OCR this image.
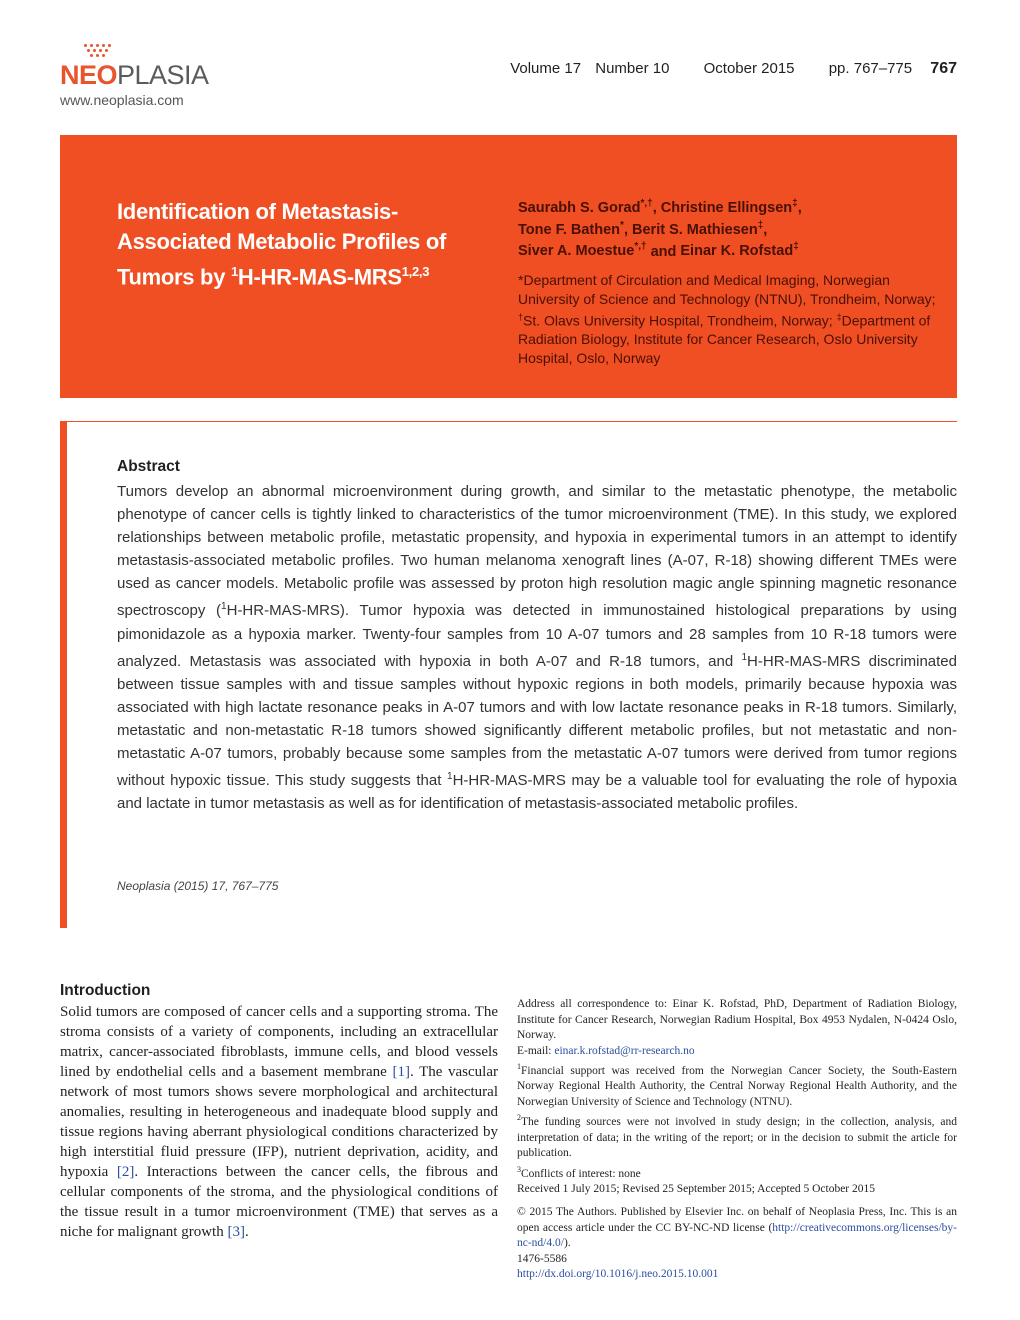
NEOPLASIA
www.neoplasia.com
Volume 17 Number 10 October 2015 pp. 767–775 767
Identification of Metastasis-Associated Metabolic Profiles of Tumors by $^1$H-HR-MAS-MRS$^{1,2,3}$
Saurabh S. Gorad*,†, Christine Ellingsen‡,
Tone F. Bathen*, Berit S. Mathiesen‡,
Siver A. Moestue*,† and Einar K. Rofstad‡
*Department of Circulation and Medical Imaging, Norwegian University of Science and Technology (NTNU), Trondheim, Norway; †St. Olavs University Hospital, Trondheim, Norway; ‡Department of Radiation Biology, Institute for Cancer Research, Oslo University Hospital, Oslo, Norway
Abstract
Tumors develop an abnormal microenvironment during growth, and similar to the metastatic phenotype, the metabolic phenotype of cancer cells is tightly linked to characteristics of the tumor microenvironment (TME). In this study, we explored relationships between metabolic profile, metastatic propensity, and hypoxia in experimental tumors in an attempt to identify metastasis-associated metabolic profiles. Two human melanoma xenograft lines (A-07, R-18) showing different TMEs were used as cancer models. Metabolic profile was assessed by proton high resolution magic angle spinning magnetic resonance spectroscopy ($^1$H-HR-MAS-MRS). Tumor hypoxia was detected in immunostained histological preparations by using pimonidazole as a hypoxia marker. Twenty-four samples from 10 A-07 tumors and 28 samples from 10 R-18 tumors were analyzed. Metastasis was associated with hypoxia in both A-07 and R-18 tumors, and $^1$H-HR-MAS-MRS discriminated between tissue samples with and tissue samples without hypoxic regions in both models, primarily because hypoxia was associated with high lactate resonance peaks in A-07 tumors and with low lactate resonance peaks in R-18 tumors. Similarly, metastatic and non-metastatic R-18 tumors showed significantly different metabolic profiles, but not metastatic and non-metastatic A-07 tumors, probably because some samples from the metastatic A-07 tumors were derived from tumor regions without hypoxic tissue. This study suggests that $^1$H-HR-MAS-MRS may be a valuable tool for evaluating the role of hypoxia and lactate in tumor metastasis as well as for identification of metastasis-associated metabolic profiles.
Neoplasia (2015) 17, 767–775
Introduction
Solid tumors are composed of cancer cells and a supporting stroma. The stroma consists of a variety of components, including an extracellular matrix, cancer-associated fibroblasts, immune cells, and blood vessels lined by endothelial cells and a basement membrane [1]. The vascular network of most tumors shows severe morphological and architectural anomalies, resulting in heterogeneous and inadequate blood supply and tissue regions having aberrant physiological conditions characterized by high interstitial fluid pressure (IFP), nutrient deprivation, acidity, and hypoxia [2]. Interactions between the cancer cells, the fibrous and cellular components of the stroma, and the physiological conditions of the tissue result in a tumor microenvironment (TME) that serves as a niche for malignant growth [3].

Address all correspondence to: Einar K. Rofstad, PhD, Department of Radiation Biology, Institute for Cancer Research, Norwegian Radium Hospital, Box 4953 Nydalen, N-0424 Oslo, Norway.

E-mail: einar.k.rofstad@rr-research.no

$^1$Financial support was received from the Norwegian Cancer Society, the South-Eastern Norway Regional Health Authority, the Central Norway Regional Health Authority, and the Norwegian University of Science and Technology (NTNU).

$^2$The funding sources were not involved in study design; in the collection, analysis, and interpretation of data; in the writing of the report; or in the decision to submit the article for publication.

$^3$Conflicts of interest: none

Received 1 July 2015; Revised 25 September 2015; Accepted 5 October 2015

© 2015 The Authors. Published by Elsevier Inc. on behalf of Neoplasia Press, Inc. This is an open access article under the CC BY-NC-ND license (http://creativecommons.org/licenses/by-nc-nd/4.0/).

1476-5586

http://dx.doi.org/10.1016/j.neo.2015.10.001
